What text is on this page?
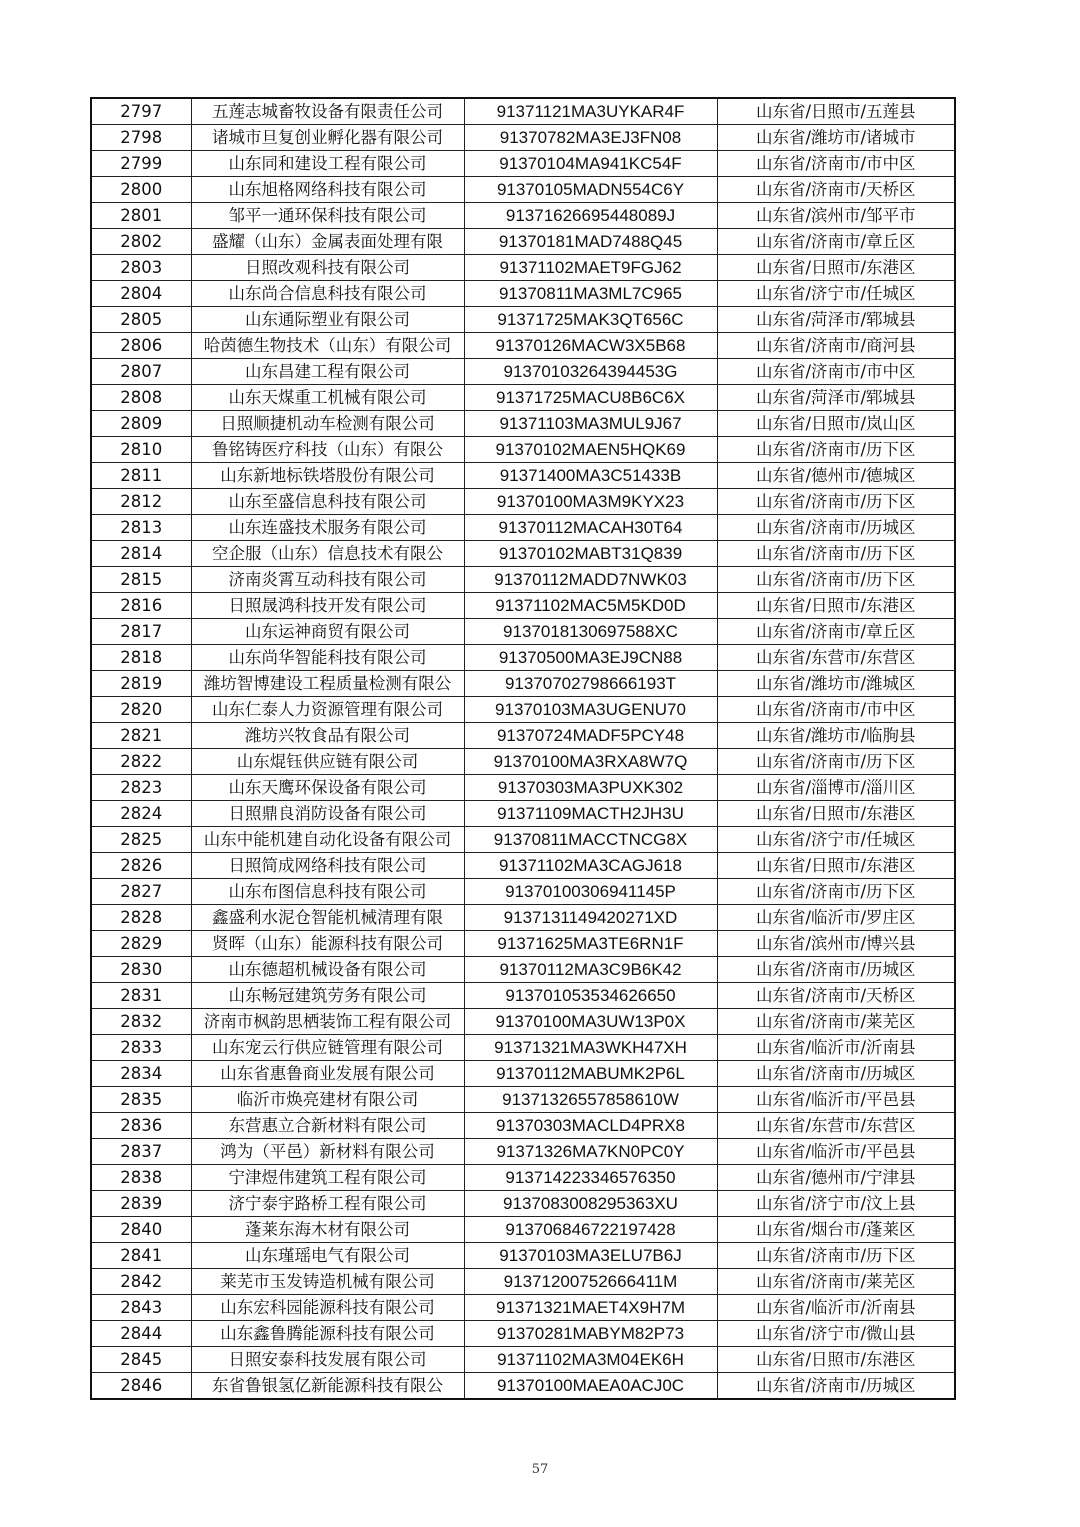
2797	五莲志城畜牧设备有限责任公司	91371121MA3UYKAR4F	山东省/日照市/五莲县
2798	诸城市旦复创业孵化器有限公司	91370782MA3EJ3FN08	山东省/潍坊市/诸城市
2799	山东同和建设工程有限公司	91370104MA941KC54F	山东省/济南市/市中区
2800	山东旭格网络科技有限公司	91370105MADN554C6Y	山东省/济南市/天桥区
2801	邹平一通环保科技有限公司	91371626695448089J	山东省/滨州市/邹平市
2802	盛耀（山东）金属表面处理有限	91370181MAD7488Q45	山东省/济南市/章丘区
2803	日照改观科技有限公司	91371102MAET9FGJ62	山东省/日照市/东港区
2804	山东尚合信息科技有限公司	91370811MA3ML7C965	山东省/济宁市/任城区
2805	山东通际塑业有限公司	91371725MAK3QT656C	山东省/菏泽市/郓城县
2806	哈茵德生物技术（山东）有限公司	91370126MACW3X5B68	山东省/济南市/商河县
2807	山东昌建工程有限公司	913701032643944​53G	山东省/济南市/市中区
2808	山东天煤重工机械有限公司	91371725MACU8B6C6X	山东省/菏泽市/郓城县
2809	日照顺捷机动车检测有限公司	91371103MA3MUL9J67	山东省/日照市/岚山区
2810	鲁铭铸医疗科技（山东）有限公	91370102MAEN5HQK69	山东省/济南市/历下区
2811	山东新地标铁塔股份有限公司	91371400MA3C51433B	山东省/德州市/德城区
2812	山东至盛信息科技有限公司	91370100MA3M9KYX23	山东省/济南市/历下区
2813	山东连盛技术服务有限公司	91370112MACAH30T64	山东省/济南市/历城区
2814	空企服（山东）信息技术有限公	91370102MABT31Q839	山东省/济南市/历下区
2815	济南炎霄互动科技有限公司	91370112MADD7NWK03	山东省/济南市/历下区
2816	日照晟鸿科技开发有限公司	91371102MAC5M5KD0D	山东省/日照市/东港区
2817	山东运神商贸有限公司	9137018130697588XC	山东省/济南市/章丘区
2818	山东尚华智能科技有限公司	91370500MA3EJ9CN88	山东省/东营市/东营区
2819	潍坊智博建设工程质量检测有限公	91370702798666193T	山东省/潍坊市/潍城区
2820	山东仁泰人力资源管理有限公司	91370103MA3UGENU70	山东省/济南市/市中区
2821	潍坊兴牧食品有限公司	91370724MADF5PCY48	山东省/潍坊市/临朐县
2822	山东焜钰供应链有限公司	91370100MA3RXA8W7Q	山东省/济南市/历下区
2823	山东天鹰环保设备有限公司	91370303MA3PUXK302	山东省/淄博市/淄川区
2824	日照鼎良消防设备有限公司	91371109MACTH2JH3U	山东省/日照市/东港区
2825	山东中能机建自动化设备有限公司	91370811MACCTNCG8X	山东省/济宁市/任城区
2826	日照简成网络科技有限公司	91371102MA3CAGJ618	山东省/日照市/东港区
2827	山东布图信息科技有限公司	91370100306941145P	山东省/济南市/历下区
2828	鑫盛利水泥仓智能机械清理有限	9137131149420271XD	山东省/临沂市/罗庄区
2829	贤晖（山东）能源科技有限公司	91371625MA3TE6RN1F	山东省/滨州市/博兴县
2830	山东德超机械设备有限公司	91370112MA3C9B6K42	山东省/济南市/历城区
2831	山东畅冠建筑劳务有限公司	913701053534626650	山东省/济南市/天桥区
2832	济南市枫韵思栖装饰工程有限公司	91370100MA3UW13P0X	山东省/济南市/莱芜区
2833	山东宠云行供应链管理有限公司	91371321MA3WKH47XH	山东省/临沂市/沂南县
2834	山东省惠鲁商业发展有限公司	91370112MABUMK2P6L	山东省/济南市/历城区
2835	临沂市焕亮建材有限公司	91371326557858610W	山东省/临沂市/平邑县
2836	东营惠立合新材料有限公司	91370303MACLD4PRX8	山东省/东营市/东营区
2837	鸿为（平邑）新材料有限公司	91371326MA7KN0PC0Y	山东省/临沂市/平邑县
2838	宁津煜伟建筑工程有限公司	913714223346576350	山东省/德州市/宁津县
2839	济宁泰宇路桥工程有限公司	9137083008295363XU	山东省/济宁市/汶上县
2840	蓬莱东海木材有限公司	913706846722197428	山东省/烟台市/蓬莱区
2841	山东瑾瑶电气有限公司	91370103MA3ELU7B6J	山东省/济南市/历下区
2842	莱芜市玉发铸造机械有限公司	91371200752666411M	山东省/济南市/莱芜区
2843	山东宏科园能源科技有限公司	91371321MAET4X9H7M	山东省/临沂市/沂南县
2844	山东鑫鲁腾能源科技有限公司	91370281MABYM82P73	山东省/济宁市/微山县
2845	日照安泰科技发展有限公司	91371102MA3M04EK6H	山东省/日照市/东港区
2846	东省鲁银氢亿新能源科技有限公	91370100MAEA0ACJ0C	山东省/济南市/历城区
57
